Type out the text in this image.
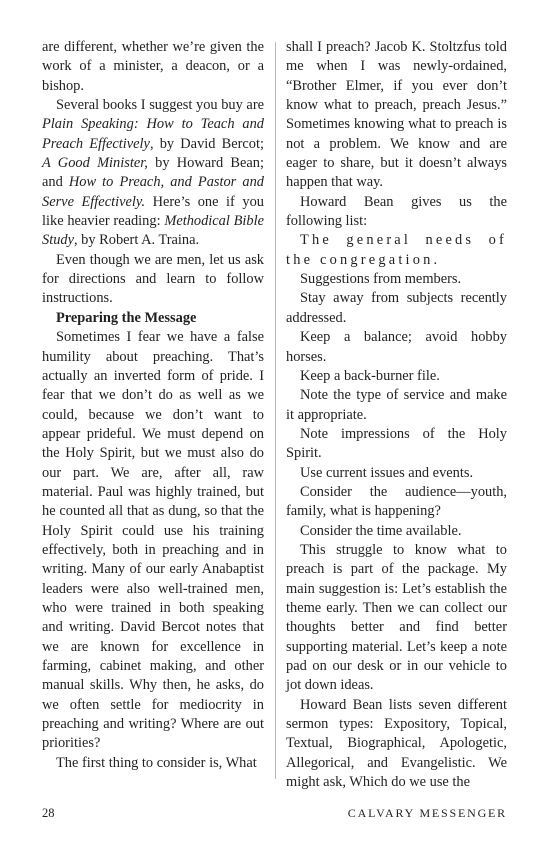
are different, whether we’re given the work of a minister, a deacon, or a bishop.

Several books I suggest you buy are Plain Speaking: How to Teach and Preach Effectively, by David Bercot; A Good Minister, by Howard Bean; and How to Preach, and Pastor and Serve Effectively. Here’s one if you like heavier reading: Methodical Bible Study, by Robert A. Traina.

Even though we are men, let us ask for directions and learn to follow instructions.

Preparing the Message

Sometimes I fear we have a false humility about preaching. That’s actually an inverted form of pride. I fear that we don’t do as well as we could, because we don’t want to appear prideful. We must depend on the Holy Spirit, but we must also do our part. We are, after all, raw material. Paul was highly trained, but he counted all that as dung, so that the Holy Spirit could use his training effectively, both in preaching and in writing. Many of our early Anabaptist leaders were also well-trained men, who were trained in both speaking and writing. David Bercot notes that we are known for excellence in farming, cabinet making, and other manual skills. Why then, he asks, do we often settle for mediocrity in preaching and writing? Where are out priorities?

The first thing to consider is, What

shall I preach? Jacob K. Stoltzfus told me when I was newly-ordained, “Brother Elmer, if you ever don’t know what to preach, preach Jesus.” Sometimes knowing what to preach is not a problem. We know and are eager to share, but it doesn’t always happen that way.

Howard Bean gives us the following list:

The general needs of the congregation.

Suggestions from members.

Stay away from subjects recently addressed.

Keep a balance; avoid hobby horses.

Keep a back-burner file.

Note the type of service and make it appropriate.

Note impressions of the Holy Spirit.

Use current issues and events.

Consider the audience—youth, family, what is happening?

Consider the time available.

This struggle to know what to preach is part of the package. My main suggestion is: Let’s establish the theme early. Then we can collect our thoughts better and find better supporting material. Let’s keep a note pad on our desk or in our vehicle to jot down ideas.

Howard Bean lists seven different sermon types: Expository, Topical, Textual, Biographical, Apologetic, Allegorical, and Evangelistic. We might ask, Which do we use the

28	CALVARY MESSENGER
